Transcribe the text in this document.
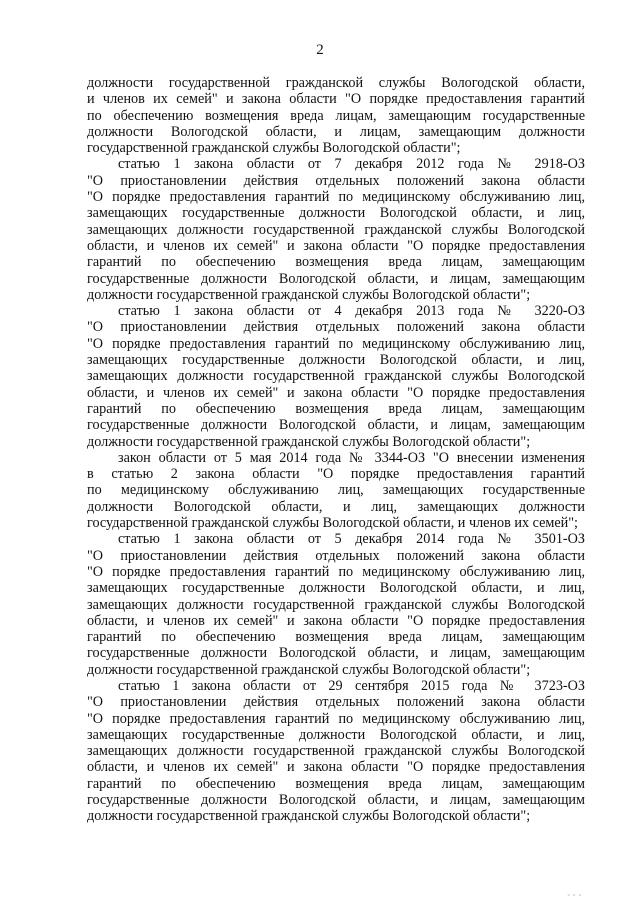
2
должности государственной гражданской службы Вологодской области,
и членов их семей" и закона области "О порядке предоставления гарантий
по обеспечению возмещения вреда лицам, замещающим государственные
должности Вологодской области, и лицам, замещающим должности
государственной гражданской службы Вологодской области";
статью 1 закона области от 7 декабря 2012 года № 2918-ОЗ
"О приостановлении действия отдельных положений закона области
"О порядке предоставления гарантий по медицинскому обслуживанию лиц,
замещающих государственные должности Вологодской области, и лиц,
замещающих должности государственной гражданской службы Вологодской
области, и членов их семей" и закона области "О порядке предоставления
гарантий по обеспечению возмещения вреда лицам, замещающим
государственные должности Вологодской области, и лицам, замещающим
должности государственной гражданской службы Вологодской области";
статью 1 закона области от 4 декабря 2013 года № 3220-ОЗ
"О приостановлении действия отдельных положений закона области
"О порядке предоставления гарантий по медицинскому обслуживанию лиц,
замещающих государственные должности Вологодской области, и лиц,
замещающих должности государственной гражданской службы Вологодской
области, и членов их семей" и закона области "О порядке предоставления
гарантий по обеспечению возмещения вреда лицам, замещающим
государственные должности Вологодской области, и лицам, замещающим
должности государственной гражданской службы Вологодской области";
закон области от 5 мая 2014 года № 3344-ОЗ "О внесении изменения
в статью 2 закона области "О порядке предоставления гарантий
по медицинскому обслуживанию лиц, замещающих государственные
должности Вологодской области, и лиц, замещающих должности
государственной гражданской службы Вологодской области, и членов их семей";
статью 1 закона области от 5 декабря 2014 года № 3501-ОЗ
"О приостановлении действия отдельных положений закона области
"О порядке предоставления гарантий по медицинскому обслуживанию лиц,
замещающих государственные должности Вологодской области, и лиц,
замещающих должности государственной гражданской службы Вологодской
области, и членов их семей" и закона области "О порядке предоставления
гарантий по обеспечению возмещения вреда лицам, замещающим
государственные должности Вологодской области, и лицам, замещающим
должности государственной гражданской службы Вологодской области";
статью 1 закона области от 29 сентября 2015 года № 3723-ОЗ
"О приостановлении действия отдельных положений закона области
"О порядке предоставления гарантий по медицинскому обслуживанию лиц,
замещающих государственные должности Вологодской области, и лиц,
замещающих должности государственной гражданской службы Вологодской
области, и членов их семей" и закона области "О порядке предоставления
гарантий по обеспечению возмещения вреда лицам, замещающим
государственные должности Вологодской области, и лицам, замещающим
должности государственной гражданской службы Вологодской области";
▫ ▫ ▫
